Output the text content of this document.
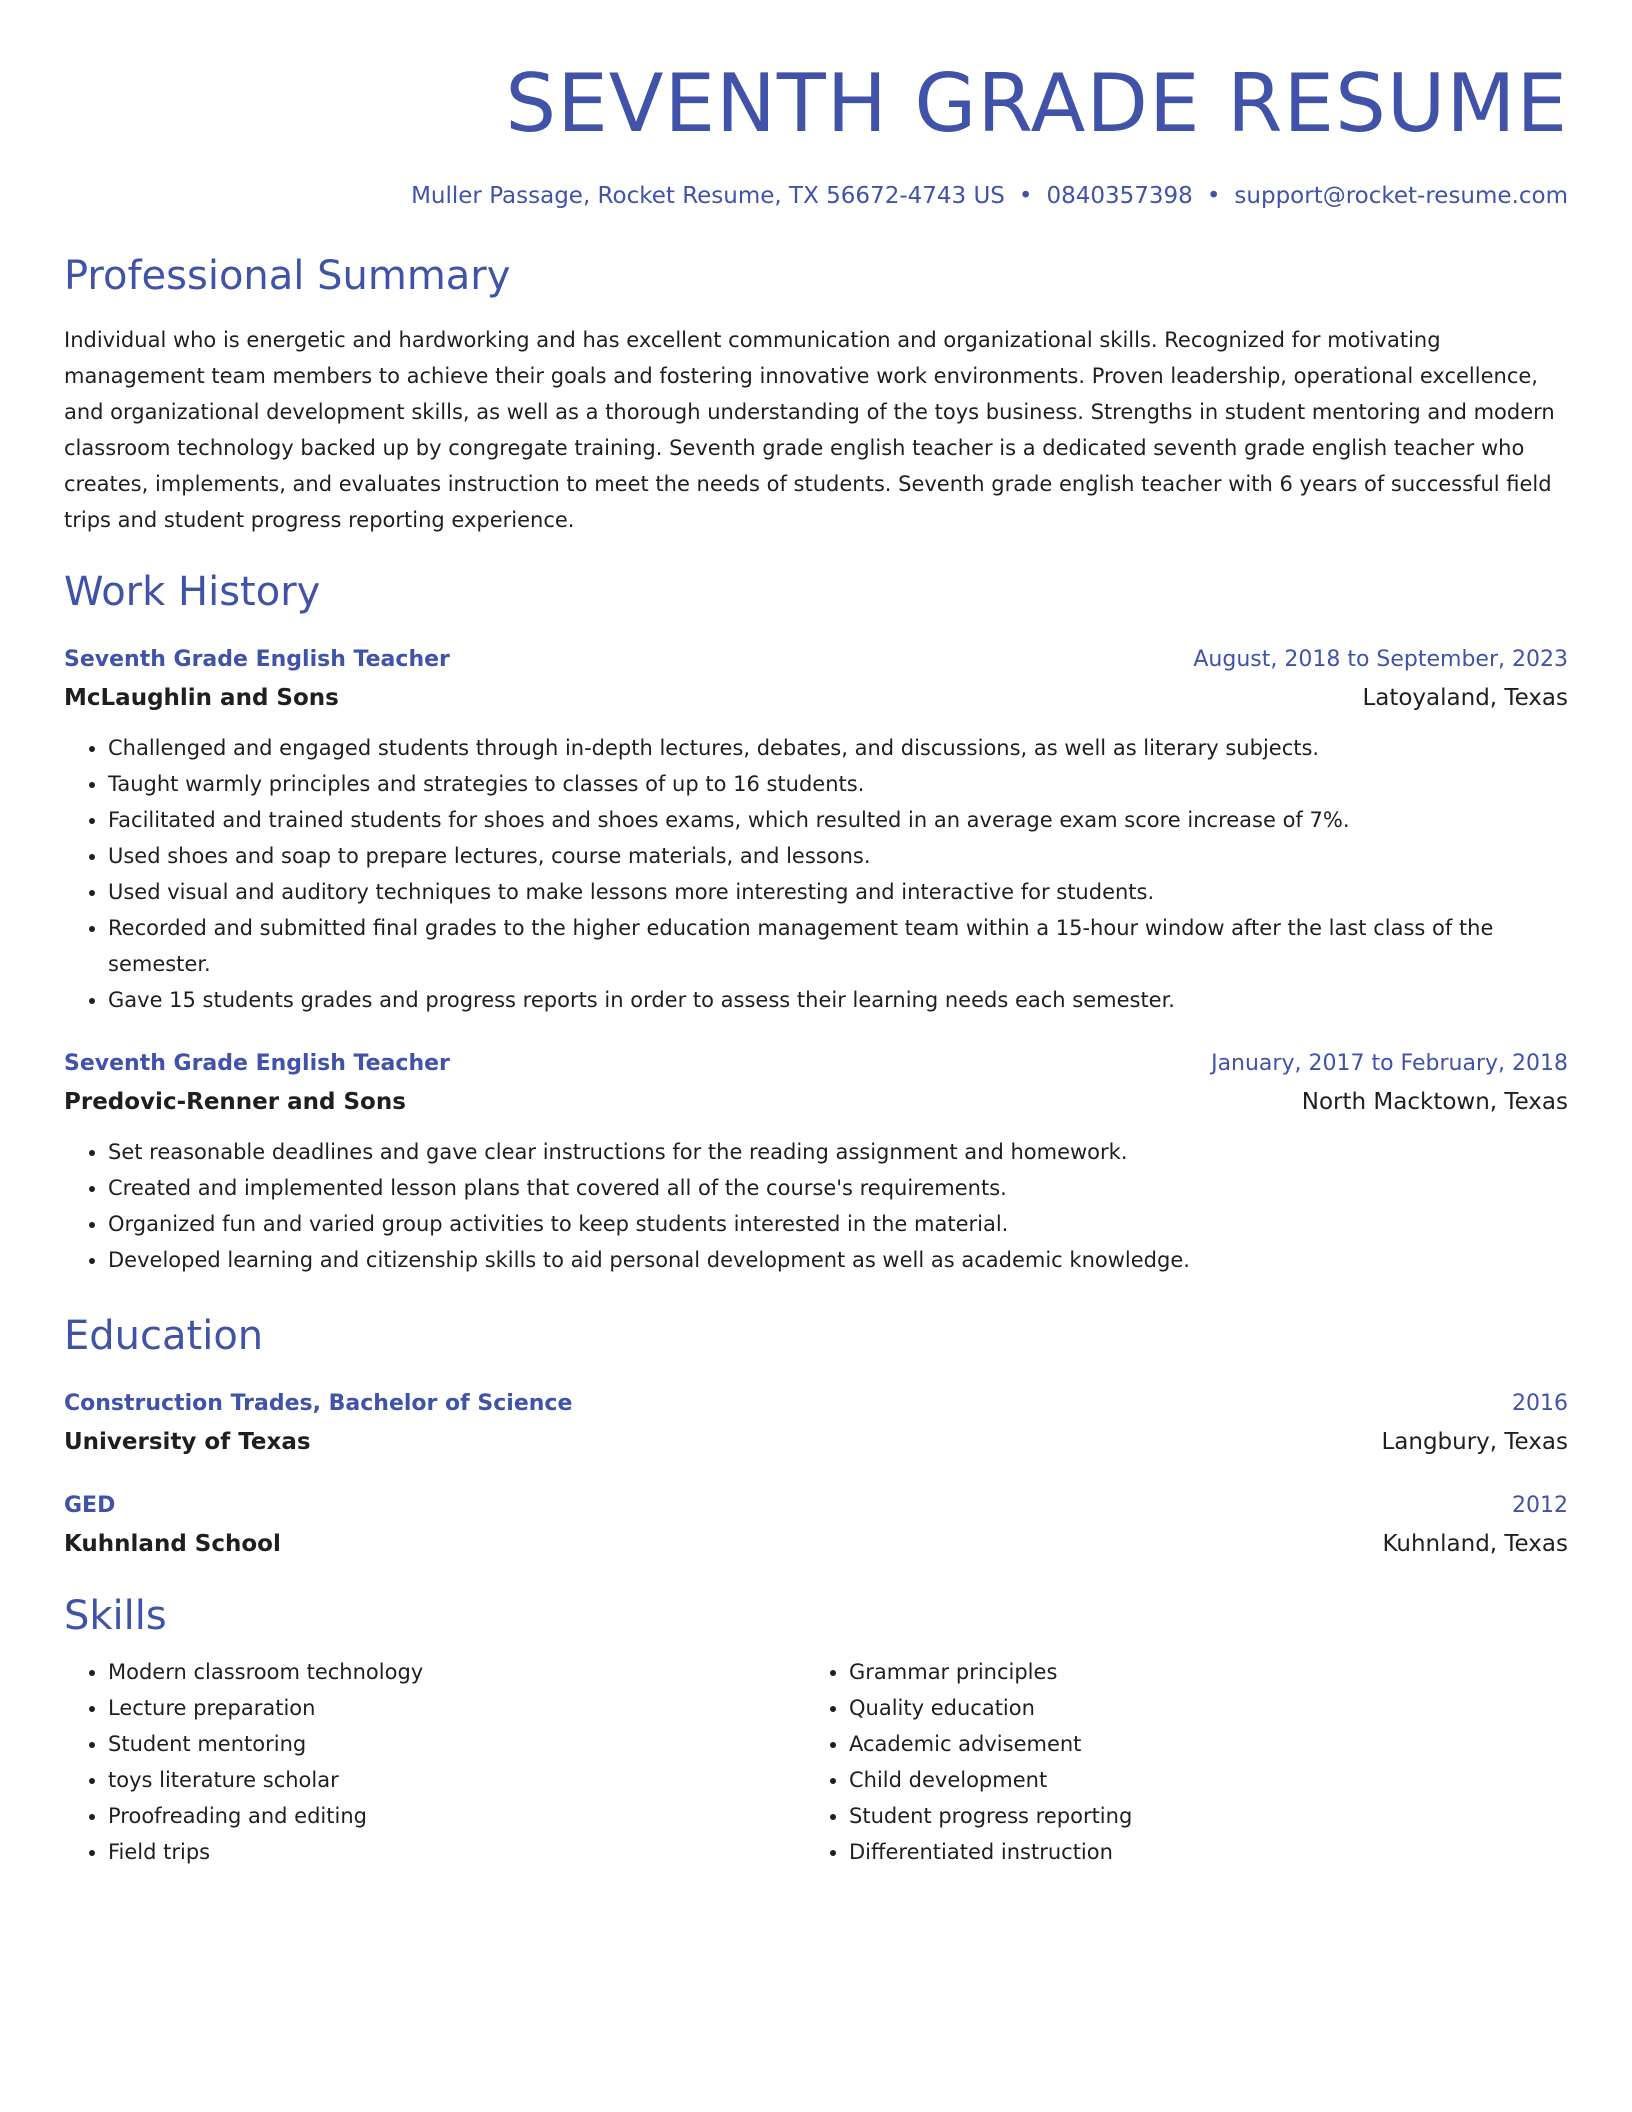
SEVENTH GRADE RESUME
Muller Passage, Rocket Resume, TX 56672-4743 US • 0840357398 • support@rocket-resume.com
Professional Summary
Individual who is energetic and hardworking and has excellent communication and organizational skills. Recognized for motivating management team members to achieve their goals and fostering innovative work environments. Proven leadership, operational excellence, and organizational development skills, as well as a thorough understanding of the toys business. Strengths in student mentoring and modern classroom technology backed up by congregate training. Seventh grade english teacher is a dedicated seventh grade english teacher who creates, implements, and evaluates instruction to meet the needs of students. Seventh grade english teacher with 6 years of successful field trips and student progress reporting experience.
Work History
Seventh Grade English Teacher	August, 2018 to September, 2023
McLaughlin and Sons	Latoyaland, Texas
• Challenged and engaged students through in-depth lectures, debates, and discussions, as well as literary subjects.
• Taught warmly principles and strategies to classes of up to 16 students.
• Facilitated and trained students for shoes and shoes exams, which resulted in an average exam score increase of 7%.
• Used shoes and soap to prepare lectures, course materials, and lessons.
• Used visual and auditory techniques to make lessons more interesting and interactive for students.
• Recorded and submitted final grades to the higher education management team within a 15-hour window after the last class of the semester.
• Gave 15 students grades and progress reports in order to assess their learning needs each semester.
Seventh Grade English Teacher	January, 2017 to February, 2018
Predovic-Renner and Sons	North Macktown, Texas
• Set reasonable deadlines and gave clear instructions for the reading assignment and homework.
• Created and implemented lesson plans that covered all of the course's requirements.
• Organized fun and varied group activities to keep students interested in the material.
• Developed learning and citizenship skills to aid personal development as well as academic knowledge.
Education
Construction Trades, Bachelor of Science	2016
University of Texas	Langbury, Texas
GED	2012
Kuhnland School	Kuhnland, Texas
Skills
• Modern classroom technology
• Lecture preparation
• Student mentoring
• toys literature scholar
• Proofreading and editing
• Field trips
• Grammar principles
• Quality education
• Academic advisement
• Child development
• Student progress reporting
• Differentiated instruction
